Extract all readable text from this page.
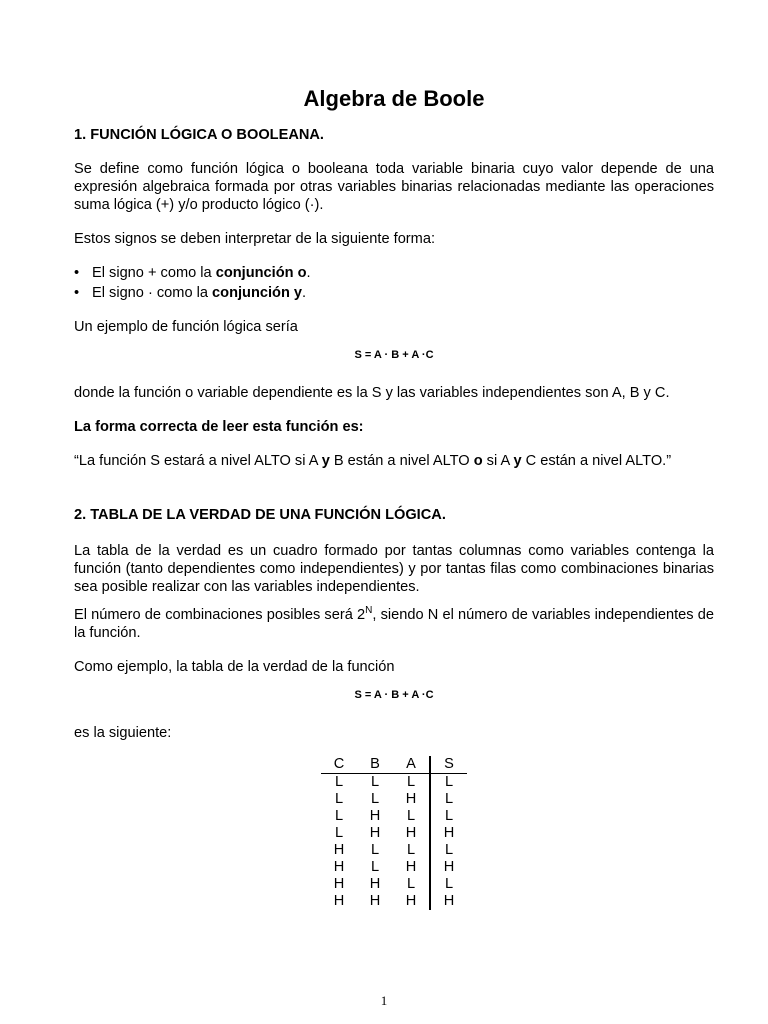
Algebra de Boole
1. FUNCIÓN LÓGICA O BOOLEANA.

Se define como función lógica o booleana toda variable binaria cuyo valor depende de una expresión algebraica formada por otras variables binarias relacionadas mediante las operaciones suma lógica (+) y/o producto lógico (·).

Estos signos se deben interpretar de la siguiente forma:

• El signo + como la conjunción o.
• El signo · como la conjunción y.

Un ejemplo de función lógica sería

S = A · B + A ·C

donde la función o variable dependiente es la S y las variables independientes son A, B y C.

La forma correcta de leer esta función es:

“La función S estará a nivel ALTO si A y B están a nivel ALTO o si A y C están a nivel ALTO.”

2. TABLA DE LA VERDAD DE UNA FUNCIÓN LÓGICA.

La tabla de la verdad es un cuadro formado por tantas columnas como variables contenga la función (tanto dependientes como independientes) y por tantas filas como combinaciones binarias sea posible realizar con las variables independientes.

El número de combinaciones posibles será $2^N$, siendo N el número de variables independientes de la función.

Como ejemplo, la tabla de la verdad de la función

S = A · B + A ·C

es la siguiente:

C	B	A	S
L	L	L	L
L	L	H	L
L	H	L	L
L	H	H	H
H	L	L	L
H	L	H	H
H	H	L	L
H	H	H	H
1
